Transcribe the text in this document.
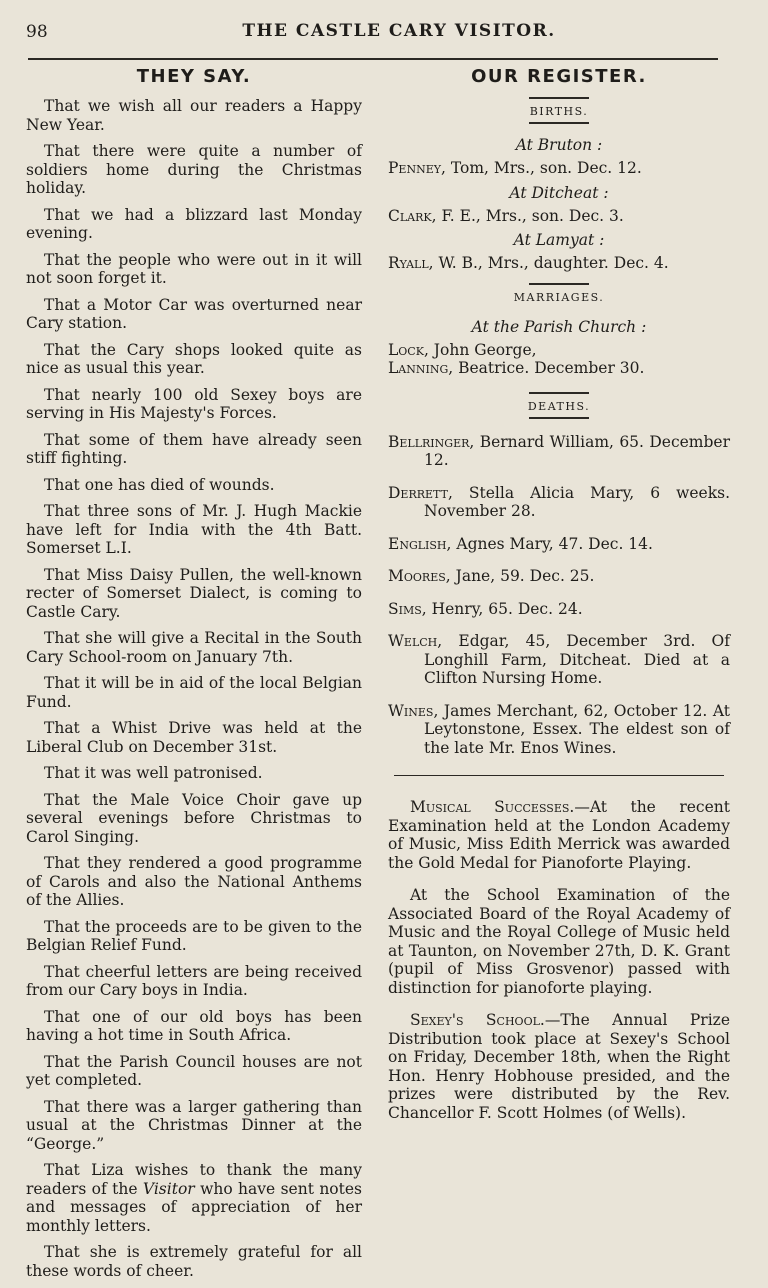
98	THE CASTLE CARY VISITOR.
THEY SAY.

That we wish all our readers a Happy New Year.

That there were quite a number of soldiers home during the Christmas holiday.

That we had a blizzard last Monday evening.

That the people who were out in it will not soon forget it.

That a Motor Car was overturned near Cary station.

That the Cary shops looked quite as nice as usual this year.

That nearly 100 old Sexey boys are serving in His Majesty's Forces.

That some of them have already seen stiff fighting.

That one has died of wounds.

That three sons of Mr. J. Hugh Mackie have left for India with the 4th Batt. Somerset L.I.

That Miss Daisy Pullen, the well-known recter of Somerset Dialect, is coming to Castle Cary.

That she will give a Recital in the South Cary School-room on January 7th.

That it will be in aid of the local Belgian Fund.

That a Whist Drive was held at the Liberal Club on December 31st.

That it was well patronised.

That the Male Voice Choir gave up several evenings before Christmas to Carol Singing.

That they rendered a good programme of Carols and also the National Anthems of the Allies.

That the proceeds are to be given to the Belgian Relief Fund.

That cheerful letters are being received from our Cary boys in India.

That one of our old boys has been having a hot time in South Africa.

That the Parish Council houses are not yet completed.

That there was a larger gathering than usual at the Christmas Dinner at the “George.”

That Liza wishes to thank the many readers of the Visitor who have sent notes and messages of appreciation of her monthly letters.

That she is extremely grateful for all these words of cheer.

OUR REGISTER.

BIRTHS.

At Bruton :

Penney, Tom, Mrs., son. Dec. 12.

At Ditcheat :

Clark, F. E., Mrs., son. Dec. 3.

At Lamyat :

Ryall, W. B., Mrs., daughter. Dec. 4.

MARRIAGES.

At the Parish Church :

Lock, John George,
Lanning, Beatrice. December 30.

DEATHS.

Bellringer, Bernard William, 65. December 12.

Derrett, Stella Alicia Mary, 6 weeks. November 28.

English, Agnes Mary, 47. Dec. 14.

Moores, Jane, 59. Dec. 25.

Sims, Henry, 65. Dec. 24.

Welch, Edgar, 45, December 3rd. Of Longhill Farm, Ditcheat. Died at a Clifton Nursing Home.

Wines, James Merchant, 62, October 12. At Leytonstone, Essex. The eldest son of the late Mr. Enos Wines.

Musical Successes.—At the recent Examination held at the London Academy of Music, Miss Edith Merrick was awarded the Gold Medal for Pianoforte Playing.

At the School Examination of the Associated Board of the Royal Academy of Music and the Royal College of Music held at Taunton, on November 27th, D. K. Grant (pupil of Miss Grosvenor) passed with distinction for pianoforte playing.

Sexey's School.—The Annual Prize Distribution took place at Sexey's School on Friday, December 18th, when the Right Hon. Henry Hobhouse presided, and the prizes were distributed by the Rev. Chancellor F. Scott Holmes (of Wells).
